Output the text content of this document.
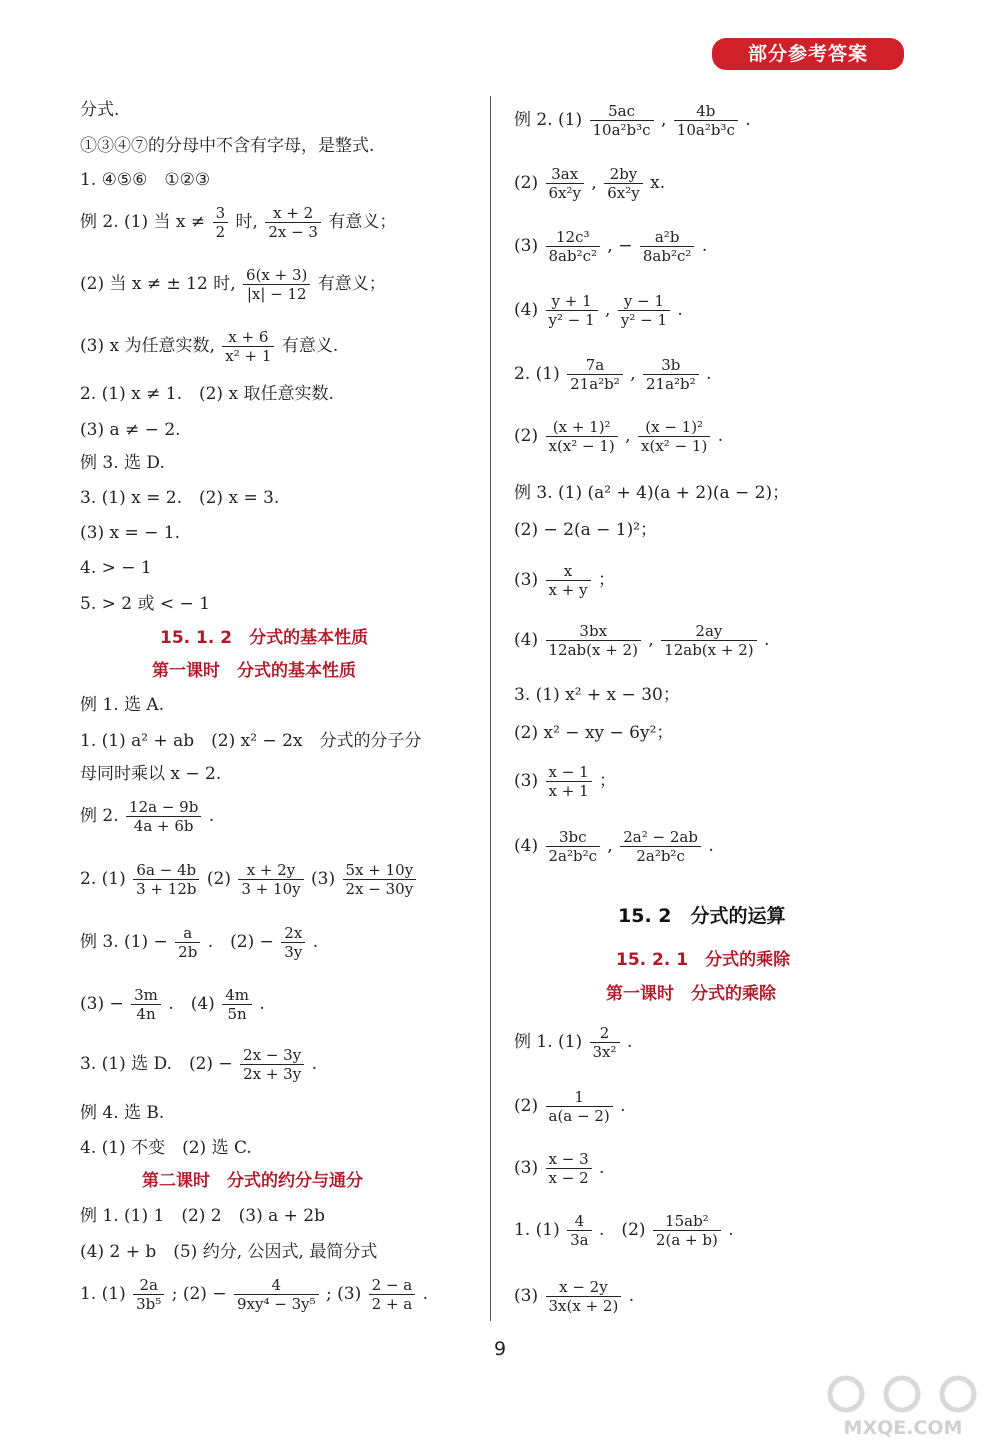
部分参考答案
分式.
①③④⑦的分母中不含有字母，是整式.
1. ④⑤⑥　①②③
例 2. (1) 当 $x \ne \frac{3}{2}$ 时, $\frac{x + 2}{2x - 3}$ 有意义；
(2) 当 x ≠ ± 12 时, $\frac{6(x + 3)}{|x| - 12}$ 有意义；
(3) x 为任意实数, $\frac{x + 6}{\text{x² + 1}}$ 有意义.
2. (1) x ≠ 1.　(2) x 取任意实数.
(3) a ≠ − 2.
例 3. 选 D.
3. (1) x = 2.　(2) x = 3.
(3) x = − 1.
4. > − 1
5. > 2 或 < − 1
15. 1. 2　分式的基本性质
第一课时　分式的基本性质
例 1. 选 A.
1. (1) a² + ab　(2) x² − 2x　分式的分子分
母同时乘以 x − 2.
例 2. $\frac{12a - 9b}{4a + 6b}$ .
2. $(1) \frac{6a - 4b}{3 + 12b} (2) \frac{x + 2y}{3 + 10y} (3) \frac{5x + 10y}{2x - 30y}$
例 3. $(1) - \frac{a}{2b}$ .　$(2) - \frac{2x}{3y}$ .
$(3) - \frac{3m}{4n}$ .　$(4) \frac{4m}{5n}$ .
3. (1) 选 D.　$(2) - \frac{2x - 3y}{2x + 3y}$ .
例 4. 选 B.
4. (1) 不变　(2) 选 C.
第二课时　分式的约分与通分
例 1. (1) 1　(2) 2　(3) a + 2b
(4) 2 + b　(5) 约分, 公因式, 最简分式
1. $(1) \frac{2a}{\text{3b⁵}}$ ; $(2) - \frac{4}{\text{9xy⁴ − 3y⁵}}$ ; $(3) \frac{2 - a}{2 + a}$ .
例 2. $(1) \frac{5ac}{\text{10a²b³c}}$ , $\frac{4b}{\text{10a²b³c}}$ .
$(2) \frac{3ax}{\text{6x²y}}$ , $\frac{2by}{\text{6x²y}} x$.
$(3) \frac{\text{12c³}}{\text{8ab²c²}}$ , − $\frac{\text{a²b}}{\text{8ab²c²}}$ .
$(4) \frac{y + 1}{\text{y² − 1}}$ , $\frac{y - 1}{\text{y² − 1}}$ .
2. $(1) \frac{7a}{\text{21a²b²}}$ , $\frac{3b}{\text{21a²b²}}$ .
$(2) \frac{\text{(x + 1)²}}{\text{x(x² − 1)}}$ , $\frac{\text{(x − 1)²}}{\text{x(x² − 1)}}$ .
例 3. (1) (a² + 4)(a + 2)(a − 2)；
(2) − 2(a − 1)²；
$(3) \frac{x}{x + y}$ ；
$(4) \frac{3bx}{12ab(x + 2)}$ , $\frac{2ay}{12ab(x + 2)}$ .
3. (1) x² + x − 30；
(2) x² − xy − 6y²；
$(3) \frac{x - 1}{x + 1}$ ；
$(4) \frac{3bc}{\text{2a²b²c}}$ , $\frac{\text{2a² − 2ab}}{\text{2a²b²c}}$ .
15. 2　分式的运算
15. 2. 1　分式的乘除
第一课时　分式的乘除
例 1. $(1) \frac{2}{\text{3x²}}$ .
$(2) \frac{1}{a(a - 2)}$ .
$(3) \frac{x - 3}{x - 2}$ .
1. $(1) \frac{4}{3a}$ .　$(2) \frac{\text{15ab²}}{2(a + b)}$ .
$(3) \frac{x - 2y}{3x(x + 2)}$ .
9
MXQE.COM
